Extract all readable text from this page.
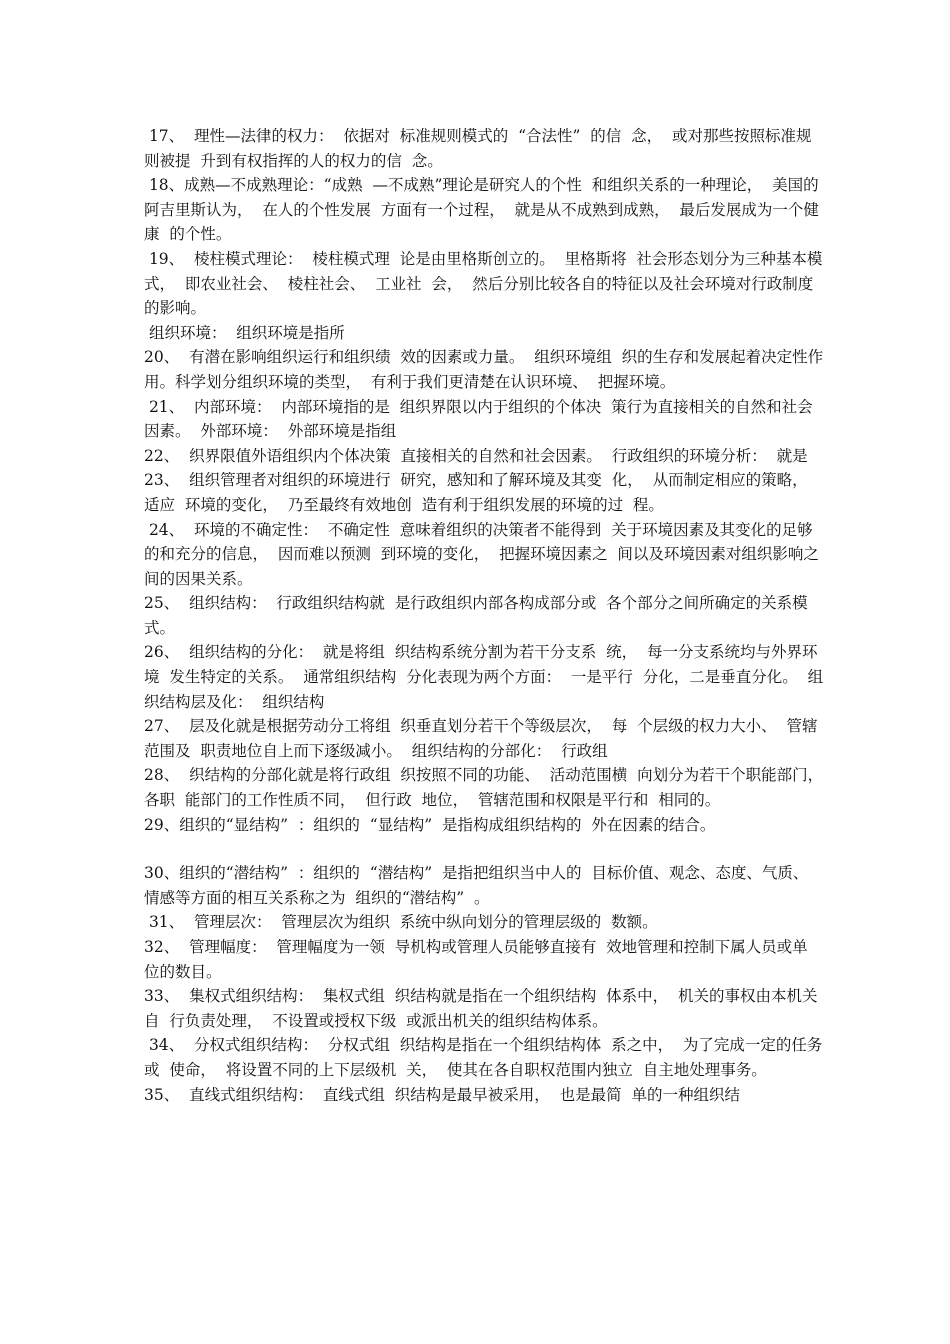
17、  理性—法律的权力：  依据对  标准规则模式的  “合法性”  的信  念，  或对那些按照标准规则被提  升到有权指挥的人的权力的信  念。

18、成熟—不成熟理论：“成熟  —不成熟”理论是研究人的个性  和组织关系的一种理论，  美国的  阿吉里斯认为，  在人的个性发展  方面有一个过程，  就是从不成熟到成熟，  最后发展成为一个健康  的个性。

19、  棱柱模式理论：  棱柱模式理  论是由里格斯创立的。  里格斯将  社会形态划分为三种基本模式，  即农业社会、  棱柱社会、  工业社  会，  然后分别比较各自的特征以及社会环境对行政制度的影响。

组织环境：  组织环境是指所

20、  有潜在影响组织运行和组织绩  效的因素或力量。  组织环境组  织的生存和发展起着决定性作  用。科学划分组织环境的类型，  有利于我们更清楚在认识环境、  把握环境。

21、  内部环境：  内部环境指的是  组织界限以内于组织的个体决  策行为直接相关的自然和社会  因素。  外部环境：  外部环境是指组

22、  织界限值外语组织内个体决策  直接相关的自然和社会因素。  行政组织的环境分析：  就是

23、  组织管理者对组织的环境进行  研究，感知和了解环境及其变  化，  从而制定相应的策略，  适应  环境的变化，  乃至最终有效地创  造有利于组织发展的环境的过  程。

24、  环境的不确定性：  不确定性  意味着组织的决策者不能得到  关于环境因素及其变化的足够  的和充分的信息，  因而难以预测  到环境的变化，  把握环境因素之  间以及环境因素对组织影响之  间的因果关系。

25、  组织结构：  行政组织结构就  是行政组织内部各构成部分或  各个部分之间所确定的关系模  式。

26、  组织结构的分化：  就是将组  织结构系统分割为若干分支系  统，  每一分支系统均与外界环境  发生特定的关系。  通常组织结构  分化表现为两个方面：  一是平行  分化，二是垂直分化。  组织结构层及化：  组织结构

27、  层及化就是根据劳动分工将组  织垂直划分若干个等级层次，  每  个层级的权力大小、  管辖范围及  职责地位自上而下逐级减小。  组织结构的分部化：  行政组

28、  织结构的分部化就是将行政组  织按照不同的功能、  活动范围横  向划分为若干个职能部门，  各职  能部门的工作性质不同，  但行政  地位，  管辖范围和权限是平行和  相同的。

29、组织的“显结构”  ：组织的  “显结构”  是指构成组织结构的  外在因素的结合。

30、组织的“潜结构”  ：组织的  “潜结构”  是指把组织当中人的  目标价值、观念、态度、气质、  情感等方面的相互关系称之为  组织的“潜结构”  。

31、  管理层次：  管理层次为组织  系统中纵向划分的管理层级的  数额。

32、  管理幅度：  管理幅度为一领  导机构或管理人员能够直接有  效地管理和控制下属人员或单  位的数目。

33、  集权式组织结构：  集权式组  织结构就是指在一个组织结构  体系中，  机关的事权由本机关自  行负责处理，  不设置或授权下级  或派出机关的组织结构体系。

34、  分权式组织结构：  分权式组  织结构是指在一个组织结构体  系之中，  为了完成一定的任务或  使命，  将设置不同的上下层级机  关，  使其在各自职权范围内独立  自主地处理事务。

35、  直线式组织结构：  直线式组  织结构是最早被采用，  也是最简  单的一种组织结
